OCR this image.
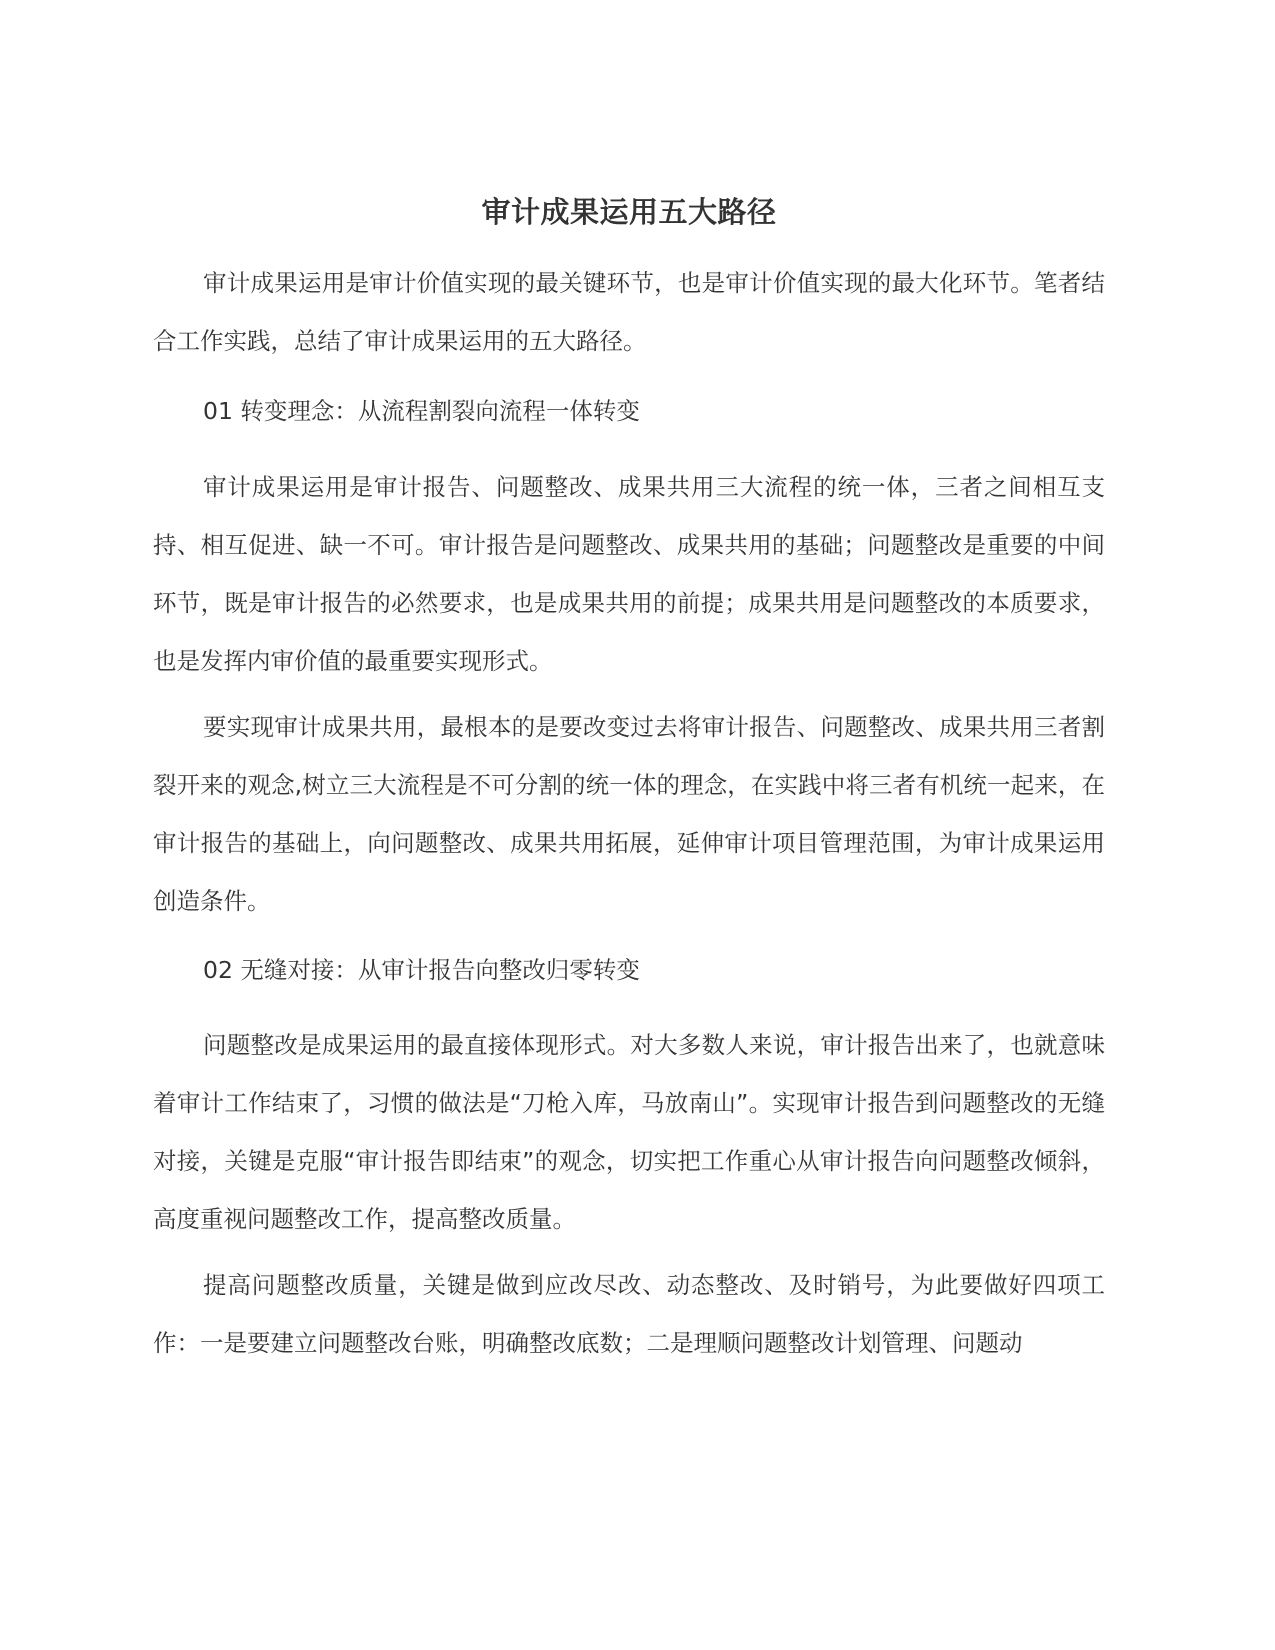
审计成果运用五大路径

审计成果运用是审计价值实现的最关键环节，也是审计价值实现的最大化环节。笔者结合工作实践，总结了审计成果运用的五大路径。

01 转变理念：从流程割裂向流程一体转变

审计成果运用是审计报告、问题整改、成果共用三大流程的统一体，三者之间相互支持、相互促进、缺一不可。审计报告是问题整改、成果共用的基础；问题整改是重要的中间环节，既是审计报告的必然要求，也是成果共用的前提；成果共用是问题整改的本质要求，也是发挥内审价值的最重要实现形式。

要实现审计成果共用，最根本的是要改变过去将审计报告、问题整改、成果共用三者割裂开来的观念,树立三大流程是不可分割的统一体的理念，在实践中将三者有机统一起来，在审计报告的基础上，向问题整改、成果共用拓展，延伸审计项目管理范围，为审计成果运用创造条件。

02 无缝对接：从审计报告向整改归零转变

问题整改是成果运用的最直接体现形式。对大多数人来说，审计报告出来了，也就意味着审计工作结束了，习惯的做法是“刀枪入库，马放南山”。实现审计报告到问题整改的无缝对接，关键是克服“审计报告即结束”的观念，切实把工作重心从审计报告向问题整改倾斜，高度重视问题整改工作，提高整改质量。

提高问题整改质量，关键是做到应改尽改、动态整改、及时销号，为此要做好四项工作：一是要建立问题整改台账，明确整改底数；二是理顺问题整改计划管理、问题动
